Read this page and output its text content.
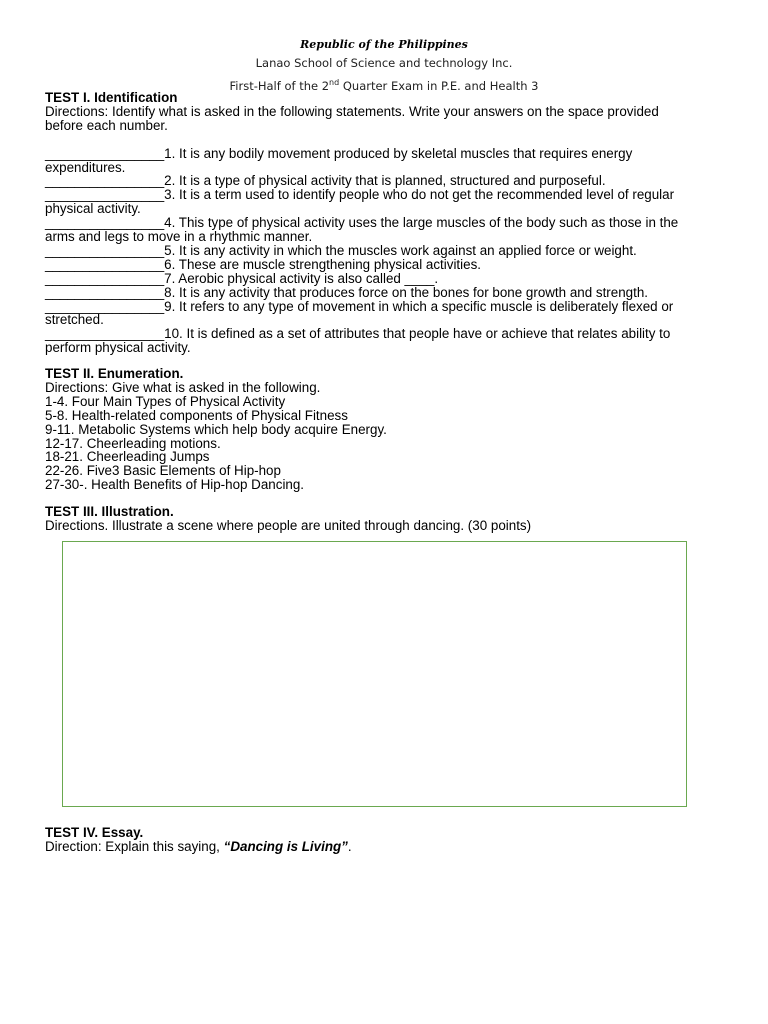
Republic of the Philippines
Lanao School of Science and technology Inc.
First-Half of the 2nd Quarter Exam in P.E. and Health 3
TEST I. Identification
Directions: Identify what is asked in the following statements. Write your answers on the space provided
before each number.
________________1. It is any bodily movement produced by skeletal muscles that requires energy
expenditures.
________________2. It is a type of physical activity that is planned, structured and purposeful.
________________3. It is a term used to identify people who do not get the recommended level of regular
physical activity.
________________4. This type of physical activity uses the large muscles of the body such as those in the
arms and legs to move in a rhythmic manner.
________________5. It is any activity in which the muscles work against an applied force or weight.
________________6. These are muscle strengthening physical activities.
________________7. Aerobic physical activity is also called ____.
________________8. It is any activity that produces force on the bones for bone growth and strength.
________________9. It refers to any type of movement in which a specific muscle is deliberately flexed or
stretched.
________________10. It is defined as a set of attributes that people have or achieve that relates ability to
perform physical activity.
TEST II. Enumeration.
Directions: Give what is asked in the following.
1-4. Four Main Types of Physical Activity
5-8. Health-related components of Physical Fitness
9-11. Metabolic Systems which help body acquire Energy.
12-17. Cheerleading motions.
18-21. Cheerleading Jumps
22-26. Five3 Basic Elements of Hip-hop
27-30-. Health Benefits of Hip-hop Dancing.
TEST III. Illustration.
Directions. Illustrate a scene where people are united through dancing. (30 points)
TEST IV. Essay.
Direction: Explain this saying, “Dancing is Living”.
